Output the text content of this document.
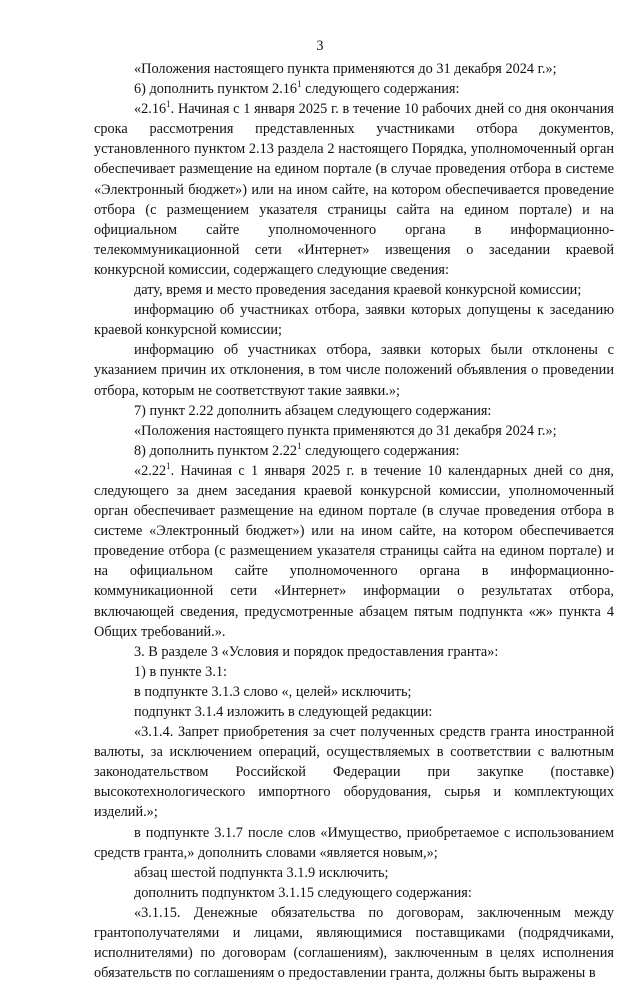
3

«Положения настоящего пункта применяются до 31 декабря 2024 г.»;

6) дополнить пунктом 2.16$^1$ следующего содержания:

«2.16$^1$. Начиная с 1 января 2025 г. в течение 10 рабочих дней со дня окончания срока рассмотрения представленных участниками отбора документов, установленного пунктом 2.13 раздела 2 настоящего Порядка, уполномоченный орган обеспечивает размещение на едином портале (в случае проведения отбора в системе «Электронный бюджет») или на ином сайте, на котором обеспечивается проведение отбора (с размещением указателя страницы сайта на едином портале) и на официальном сайте уполномоченного органа в информационно-телекоммуникационной сети «Интернет» извещения о заседании краевой конкурсной комиссии, содержащего следующие сведения:

дату, время и место проведения заседания краевой конкурсной комиссии;

информацию об участниках отбора, заявки которых допущены к заседанию краевой конкурсной комиссии;

информацию об участниках отбора, заявки которых были отклонены с указанием причин их отклонения, в том числе положений объявления о проведении отбора, которым не соответствуют такие заявки.»;

7) пункт 2.22 дополнить абзацем следующего содержания:

«Положения настоящего пункта применяются до 31 декабря 2024 г.»;

8) дополнить пунктом 2.22$^1$ следующего содержания:

«2.22$^1$. Начиная с 1 января 2025 г. в течение 10 календарных дней со дня, следующего за днем заседания краевой конкурсной комиссии, уполномоченный орган обеспечивает размещение на едином портале (в случае проведения отбора в системе «Электронный бюджет») или на ином сайте, на котором обеспечивается проведение отбора (с размещением указателя страницы сайта на едином портале) и на официальном сайте уполномоченного органа в информационно-коммуникационной сети «Интернет» информации о результатах отбора, включающей сведения, предусмотренные абзацем пятым подпункта «ж» пункта 4 Общих требований.».

3. В разделе 3 «Условия и порядок предоставления гранта»:

1) в пункте 3.1:

в подпункте 3.1.3 слово «, целей» исключить;

подпункт 3.1.4 изложить в следующей редакции:

«3.1.4. Запрет приобретения за счет полученных средств гранта иностранной валюты, за исключением операций, осуществляемых в соответствии с валютным законодательством Российской Федерации при закупке (поставке) высокотехнологического импортного оборудования, сырья и комплектующих изделий.»;

в подпункте 3.1.7 после слов «Имущество, приобретаемое с использованием средств гранта,» дополнить словами «является новым,»;

абзац шестой подпункта 3.1.9 исключить;

дополнить подпунктом 3.1.15 следующего содержания:

«3.1.15. Денежные обязательства по договорам, заключенным между грантополучателями и лицами, являющимися поставщиками (подрядчиками, исполнителями) по договорам (соглашениям), заключенным в целях исполнения обязательств по соглашениям о предоставлении гранта, должны быть выражены в
